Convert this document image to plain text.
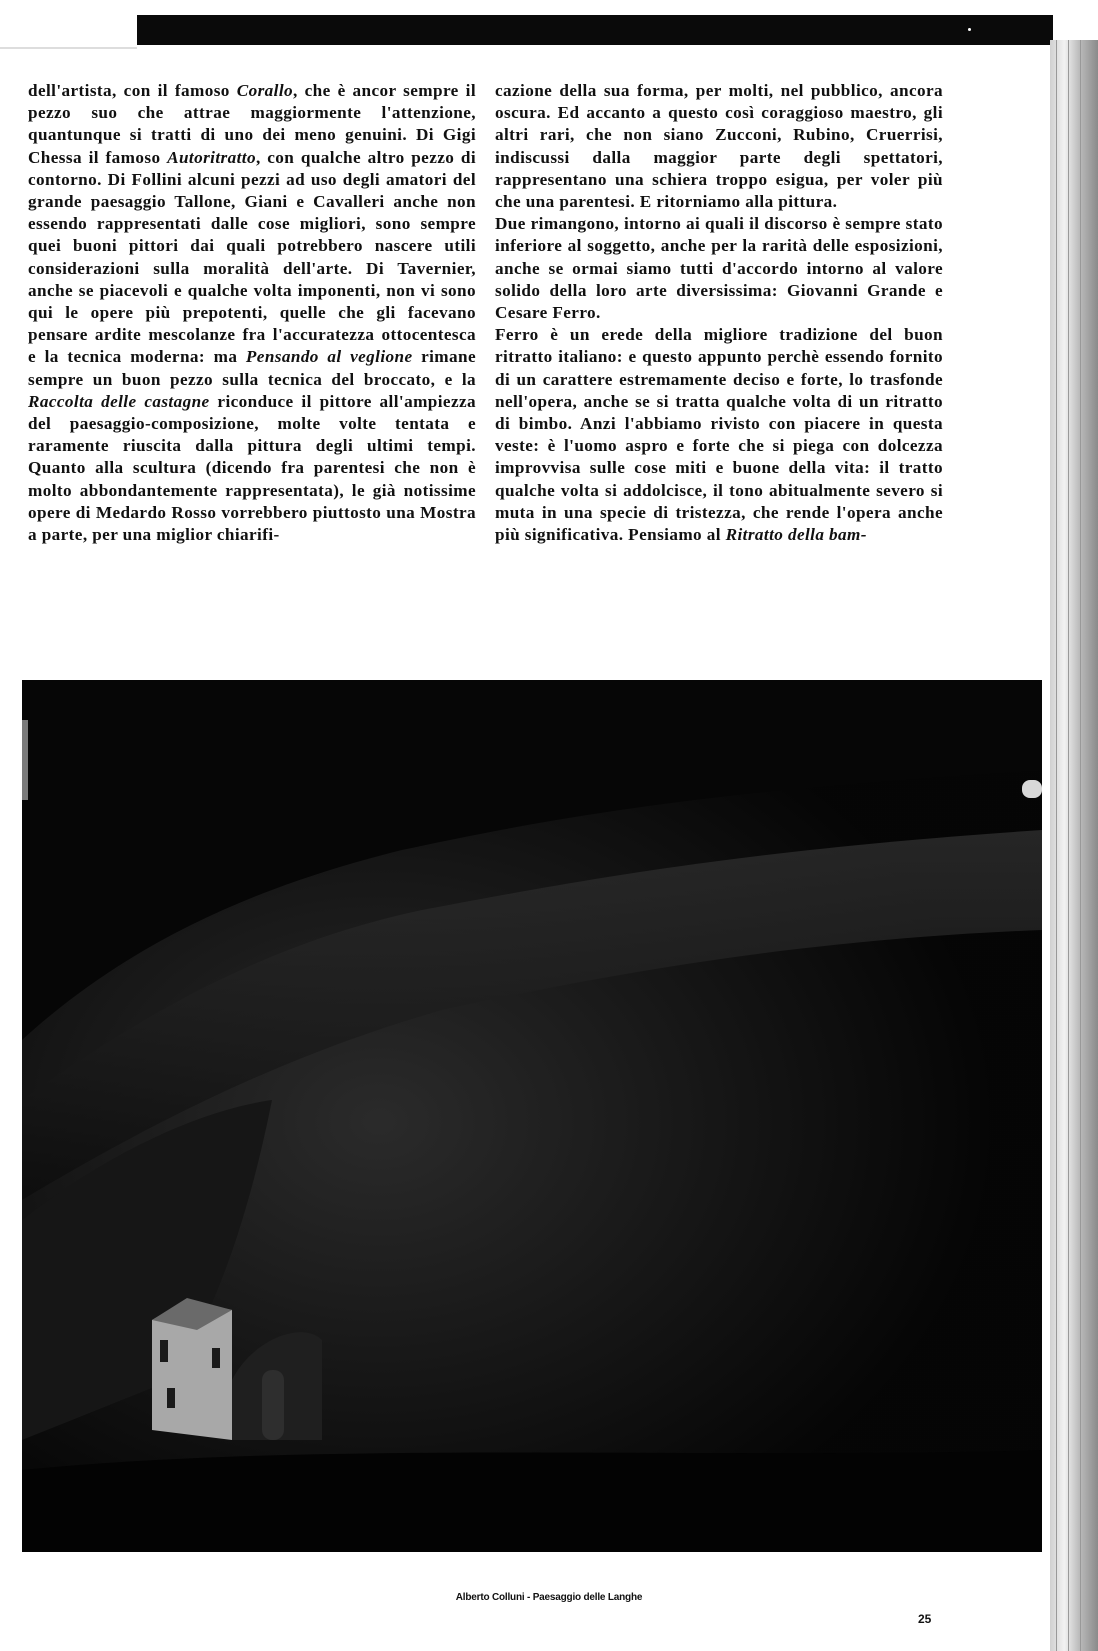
dell'artista, con il famoso Corallo, che è ancor sempre il pezzo suo che attrae maggiormente l'attenzione, quantunque si tratti di uno dei meno genuini. Di Gigi Chessa il famoso Autoritratto, con qualche altro pezzo di contorno. Di Follini alcuni pezzi ad uso degli amatori del grande paesaggio Tallone, Giani e Cavalleri anche non essendo rappresentati dalle cose migliori, sono sempre quei buoni pittori dai quali potrebbero nascere utili considerazioni sulla moralità dell'arte. Di Tavernier, anche se piacevoli e qualche volta imponenti, non vi sono qui le opere più prepotenti, quelle che gli facevano pensare ardite mescolanze fra l'accuratezza ottocentesca e la tecnica moderna: ma Pensando al veglione rimane sempre un buon pezzo sulla tecnica del broccato, e la Raccolta delle castagne riconduce il pittore all'ampiezza del paesaggio-composizione, molte volte tentata e raramente riuscita dalla pittura degli ultimi tempi. Quanto alla scultura (dicendo fra parentesi che non è molto abbondantemente rappresentata), le già notissime opere di Medardo Rosso vorrebbero piuttosto una Mostra a parte, per una miglior chiarifi-

cazione della sua forma, per molti, nel pubblico, ancora oscura. Ed accanto a questo così coraggioso maestro, gli altri rari, che non siano Zucconi, Rubino, Cruerrisi, indiscussi dalla maggior parte degli spettatori, rappresentano una schiera troppo esigua, per voler più che una parentesi. E ritorniamo alla pittura.

Due rimangono, intorno ai quali il discorso è sempre stato inferiore al soggetto, anche per la rarità delle esposizioni, anche se ormai siamo tutti d'accordo intorno al valore solido della loro arte diversissima: Giovanni Grande e Cesare Ferro.

Ferro è un erede della migliore tradizione del buon ritratto italiano: e questo appunto perchè essendo fornito di un carattere estremamente deciso e forte, lo trasfonde nell'opera, anche se si tratta qualche volta di un ritratto di bimbo. Anzi l'abbiamo rivisto con piacere in questa veste: è l'uomo aspro e forte che si piega con dolcezza improvvisa sulle cose miti e buone della vita: il tratto qualche volta si addolcisce, il tono abitualmente severo si muta in una specie di tristezza, che rende l'opera anche più significativa. Pensiamo al Ritratto della bam-

Alberto Colluni - Paesaggio delle Langhe
25
